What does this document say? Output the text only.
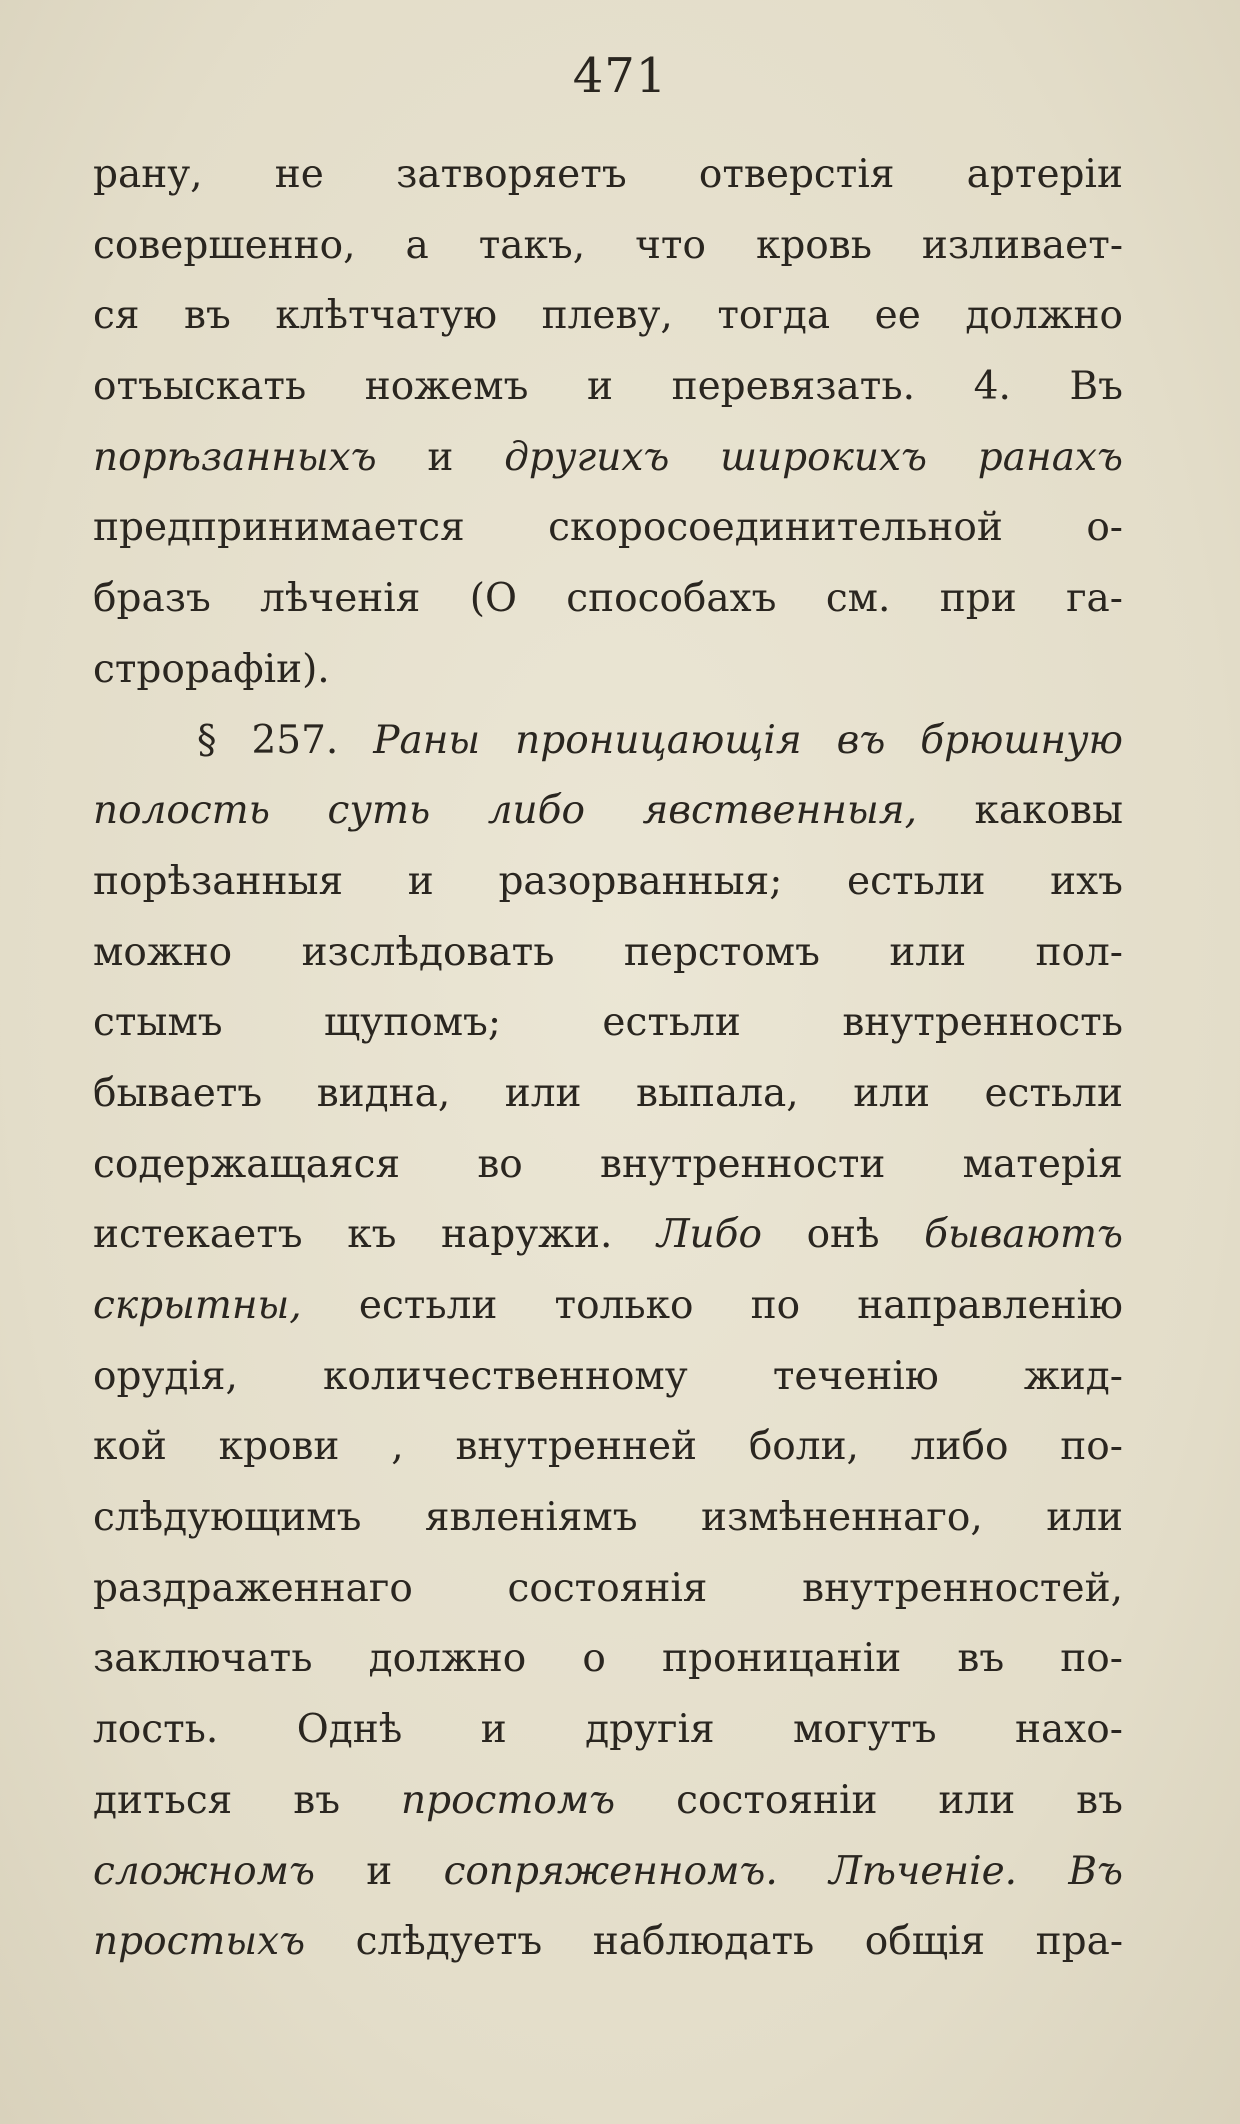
471
рану, не затворяетъ отверстія артеріи
совершенно, а такъ, что кровь изливает-
ся въ клѣтчатую плеву, тогда ее должно
отъыскать ножемъ и перевязать. 4. Въ
порѣзанныхъ и другихъ широкихъ ранахъ
предпринимается скоросоединительной о-
бразъ лѣченія (О способахъ см. при га-
строрафіи).
§ 257. Раны проницающія въ брюшную
полость суть либо явственныя, каковы
порѣзанныя и разорванныя; естьли ихъ
можно изслѣдовать перстомъ или пол-
стымъ	щупомъ;	естьли	внутренность
бываетъ видна, или выпала, или естьли
содержащаяся во внутренности матерія
истекаетъ къ наружи. Либо онѣ бываютъ
скрытны, естьли только по направленію
орудія, количественному теченію жид-
кой крови , внутренней боли, либо по-
слѣдующимъ явленіямъ измѣненнаго, или
раздраженнаго состоянія внутренностей,
заключать должно о проницаніи въ по-
лость. Однѣ и другія могутъ нахо-
диться въ простомъ состояніи или въ
сложномъ и сопряженномъ. Лѣченіе. Въ
простыхъ слѣдуетъ наблюдать общія пра-
